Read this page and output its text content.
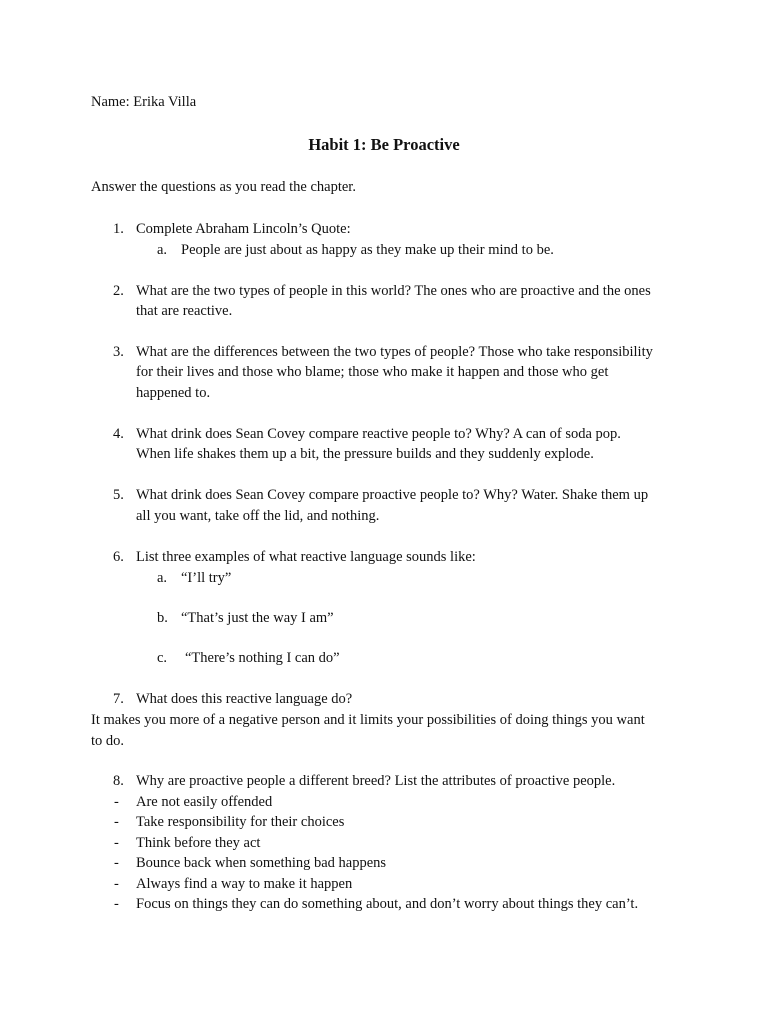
Name: Erika Villa
Habit 1: Be Proactive
Answer the questions as you read the chapter.
1. Complete Abraham Lincoln’s Quote:
a. People are just about as happy as they make up their mind to be.
2. What are the two types of people in this world? The ones who are proactive and the ones
that are reactive.
3. What are the differences between the two types of people? Those who take responsibility
for their lives and those who blame; those who make it happen and those who get
happened to.
4. What drink does Sean Covey compare reactive people to? Why? A can of soda pop.
When life shakes them up a bit, the pressure builds and they suddenly explode.
5. What drink does Sean Covey compare proactive people to? Why? Water. Shake them up
all you want, take off the lid, and nothing.
6. List three examples of what reactive language sounds like:
a. “I’ll try”
b. “That’s just the way I am”
c. “There’s nothing I can do”
7. What does this reactive language do?
It makes you more of a negative person and it limits your possibilities of doing things you want
to do.
8. Why are proactive people a different breed? List the attributes of proactive people.
- Are not easily offended
- Take responsibility for their choices
- Think before they act
- Bounce back when something bad happens
- Always find a way to make it happen
- Focus on things they can do something about, and don’t worry about things they can’t.
